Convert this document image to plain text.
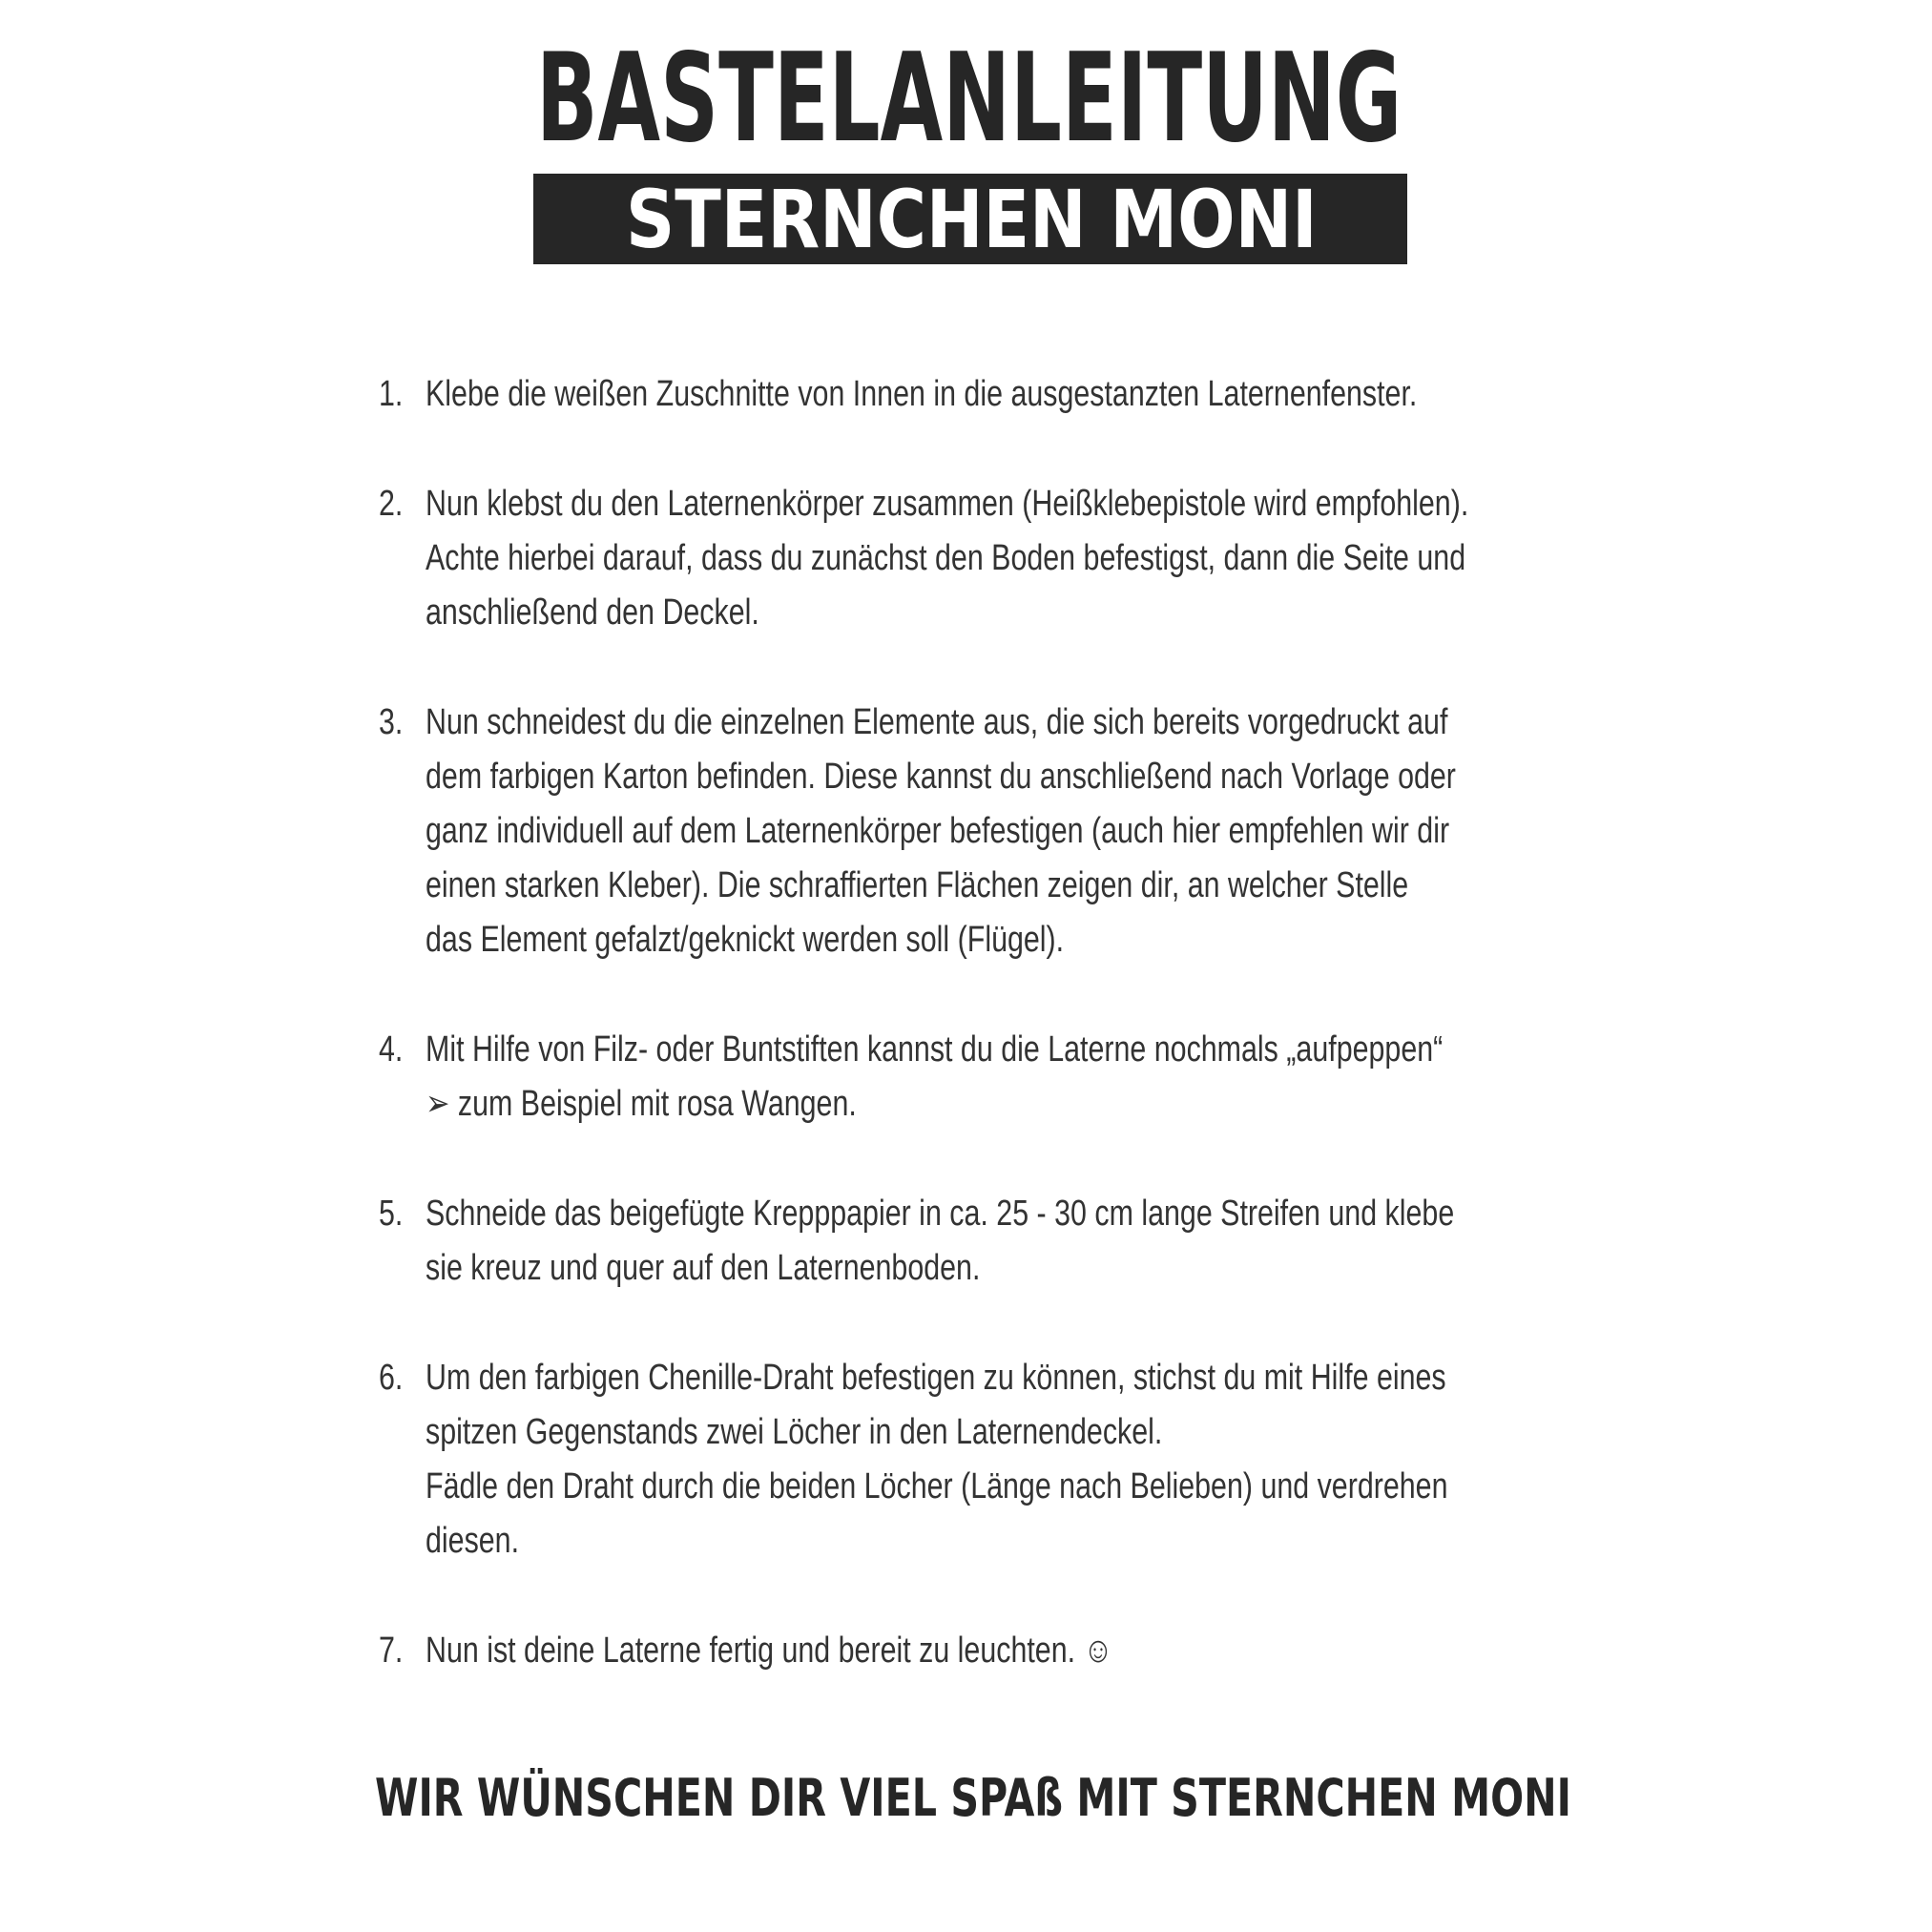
BASTELANLEITUNG
STERNCHEN MONI
1. Klebe die weißen Zuschnitte von Innen in die ausgestanzten Laternenfenster.
2. Nun klebst du den Laternenkörper zusammen (Heißklebepistole wird empfohlen).
Achte hierbei darauf, dass du zunächst den Boden befestigst, dann die Seite und
anschließend den Deckel.
3. Nun schneidest du die einzelnen Elemente aus, die sich bereits vorgedruckt auf
dem farbigen Karton befinden. Diese kannst du anschließend nach Vorlage oder
ganz individuell auf dem Laternenkörper befestigen (auch hier empfehlen wir dir
einen starken Kleber). Die schraffierten Flächen zeigen dir, an welcher Stelle
das Element gefalzt/geknickt werden soll (Flügel).
4. Mit Hilfe von Filz- oder Buntstiften kannst du die Laterne nochmals „aufpeppen“
➢ zum Beispiel mit rosa Wangen.
5. Schneide das beigefügte Krepppapier in ca. 25 - 30 cm lange Streifen und klebe
sie kreuz und quer auf den Laternenboden.
6. Um den farbigen Chenille-Draht befestigen zu können, stichst du mit Hilfe eines
spitzen Gegenstands zwei Löcher in den Laternendeckel.
Fädle den Draht durch die beiden Löcher (Länge nach Belieben) und verdrehen
diesen.
7. Nun ist deine Laterne fertig und bereit zu leuchten. ☺
WIR WÜNSCHEN DIR VIEL SPAß MIT STERNCHEN MONI
